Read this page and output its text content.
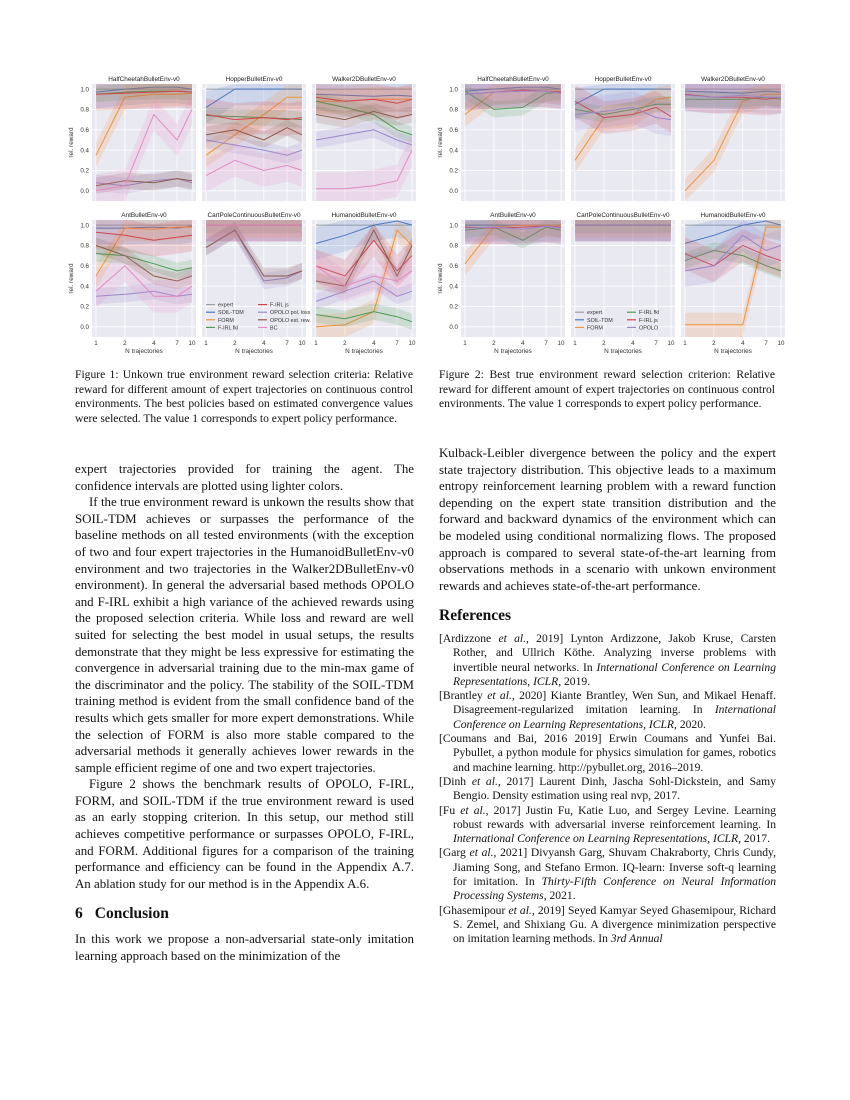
HalfCheetahBulletEnv-v0
0.0
0.2
0.4
0.6
0.8
1.0
rel. reward
HopperBulletEnv-v0	Walker2DBulletEnv-v0
AntBulletEnv-v0
0.0
0.2
0.4
0.6
0.8
1.0
rel. reward
1	2	4	7 10
N trajectories
CartPoleContinuousBulletEnv-v0
1	2	4	7 10
N trajectories
expert
SOIL-TDM
FORM
F-IRL fkl
F-IRL js
OPOLO pol. loss
OPOLO est. rew.
BC
HumanoidBulletEnv-v0
1	2	4	7 10
N trajectories
HalfCheetahBulletEnv-v0
0.0
0.2
0.4
0.6
0.8
1.0
rel. reward
HopperBulletEnv-v0	Walker2DBulletEnv-v0
AntBulletEnv-v0
0.0
0.2
0.4
0.6
0.8
1.0
rel. reward
1	2	4	7 10
N trajectories
CartPoleContinuousBulletEnv-v0
1	2	4	7 10
N trajectories
expert
SOIL-TDM
FORM
F-IRL fkl
F-IRL js
OPOLO
HumanoidBulletEnv-v0
1	2	4	7 10
N trajectories
Figure 1: Unkown true environment reward selection criteria: Relative reward for different amount of expert trajectories on continuous control environments. The best policies based on estimated convergence values were selected. The value 1 corresponds to expert policy performance.
Figure 2: Best true environment reward selection criterion: Relative reward for different amount of expert trajectories on continuous control environments. The value 1 corresponds to expert policy performance.

expert trajectories provided for training the agent. The confidence intervals are plotted using lighter colors.

If the true environment reward is unkown the results show that SOIL-TDM achieves or surpasses the performance of the baseline methods on all tested environments (with the exception of two and four expert trajectories in the HumanoidBulletEnv-v0 environment and two trajectories in the Walker2DBulletEnv-v0 environment). In general the adversarial based methods OPOLO and F-IRL exhibit a high variance of the achieved rewards using the proposed selection criteria. While loss and reward are well suited for selecting the best model in usual setups, the results demonstrate that they might be less expressive for estimating the convergence in adversarial training due to the min-max game of the discriminator and the policy. The stability of the SOIL-TDM training method is evident from the small confidence band of the results which gets smaller for more expert demonstrations. While the selection of FORM is also more stable compared to the adversarial methods it generally achieves lower rewards in the sample efficient regime of one and two expert trajectories.

Figure 2 shows the benchmark results of OPOLO, F-IRL, FORM, and SOIL-TDM if the true environment reward is used as an early stopping criterion. In this setup, our method still achieves competitive performance or surpasses OPOLO, F-IRL, and FORM. Additional figures for a comparison of the training performance and efficiency can be found in the Appendix A.7. An ablation study for our method is in the Appendix A.6.

6 Conclusion

In this work we propose a non-adversarial state-only imitation learning approach based on the minimization of the

Kulback-Leibler divergence between the policy and the expert state trajectory distribution. This objective leads to a maximum entropy reinforcement learning problem with a reward function depending on the expert state transition distribution and the forward and backward dynamics of the environment which can be modeled using conditional normalizing flows. The proposed approach is compared to several state-of-the-art learning from observations methods in a scenario with unkown environment rewards and achieves state-of-the-art performance.

References

[Ardizzone et al., 2019] Lynton Ardizzone, Jakob Kruse, Carsten Rother, and Ullrich Köthe. Analyzing inverse problems with invertible neural networks. In International Conference on Learning Representations, ICLR, 2019.

[Brantley et al., 2020] Kiante Brantley, Wen Sun, and Mikael Henaff. Disagreement-regularized imitation learning. In International Conference on Learning Representations, ICLR, 2020.

[Coumans and Bai, 2016 2019] Erwin Coumans and Yunfei Bai. Pybullet, a python module for physics simulation for games, robotics and machine learning. http://pybullet.org, 2016–2019.

[Dinh et al., 2017] Laurent Dinh, Jascha Sohl-Dickstein, and Samy Bengio. Density estimation using real nvp, 2017.

[Fu et al., 2017] Justin Fu, Katie Luo, and Sergey Levine. Learning robust rewards with adversarial inverse reinforcement learning. In International Conference on Learning Representations, ICLR, 2017.

[Garg et al., 2021] Divyansh Garg, Shuvam Chakraborty, Chris Cundy, Jiaming Song, and Stefano Ermon. IQ-learn: Inverse soft-q learning for imitation. In Thirty-Fifth Conference on Neural Information Processing Systems, 2021.

[Ghasemipour et al., 2019] Seyed Kamyar Seyed Ghasemipour, Richard S. Zemel, and Shixiang Gu. A divergence minimization perspective on imitation learning methods. In 3rd Annual
